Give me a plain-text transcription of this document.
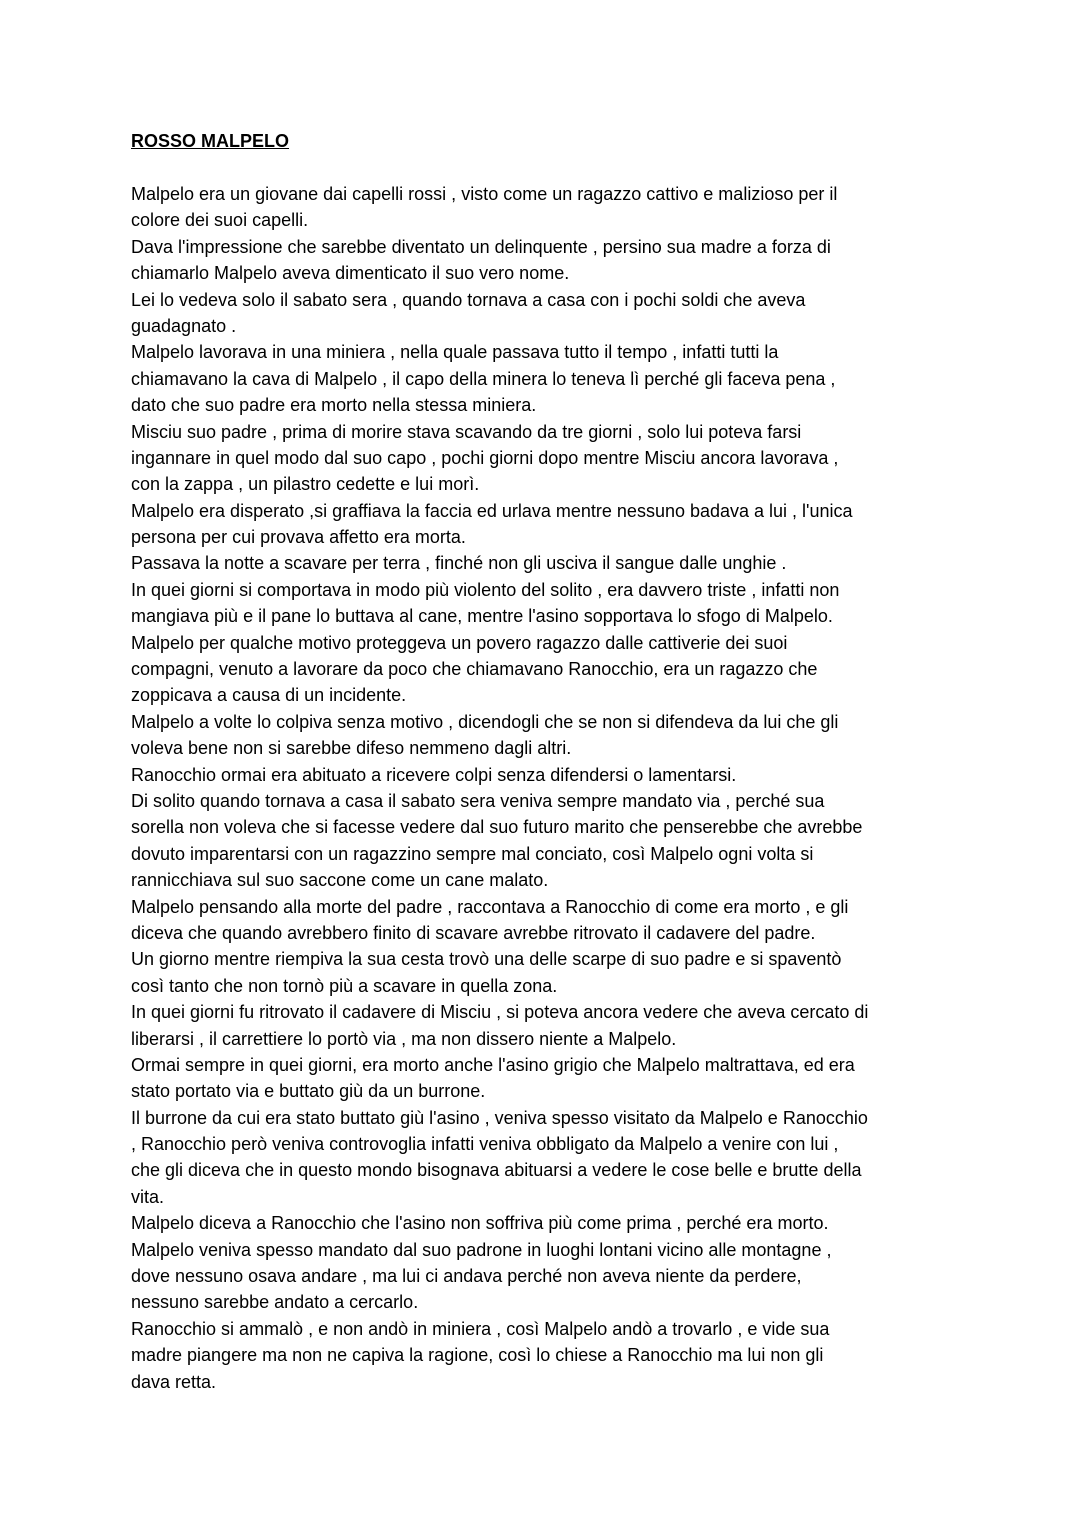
ROSSO MALPELO
Malpelo era un giovane dai capelli rossi , visto come un ragazzo cattivo e malizioso per il
colore dei suoi capelli.
Dava l'impressione che sarebbe diventato un delinquente , persino sua madre a forza di
chiamarlo Malpelo aveva dimenticato il suo vero nome.
Lei lo vedeva solo il sabato sera , quando tornava a casa con i pochi soldi che aveva
guadagnato .
Malpelo lavorava in una miniera , nella quale passava tutto il tempo , infatti tutti la
chiamavano la cava di Malpelo , il capo della minera lo teneva lì perché gli faceva pena ,
dato che suo padre era morto nella stessa miniera.
Misciu suo padre , prima di morire stava scavando da tre giorni , solo lui poteva farsi
ingannare in quel modo dal suo capo , pochi giorni dopo mentre Misciu ancora lavorava ,
con la zappa , un pilastro cedette e lui morì.
Malpelo era disperato ,si graffiava la faccia ed urlava mentre nessuno badava a lui , l'unica
persona per cui provava affetto era morta.
Passava la notte a scavare per terra , finché non gli usciva il sangue dalle unghie .
In quei giorni si comportava in modo più violento del solito , era davvero triste , infatti non
mangiava più e il pane lo buttava al cane, mentre l'asino sopportava lo sfogo di Malpelo.
Malpelo per qualche motivo proteggeva un povero ragazzo dalle cattiverie dei suoi
compagni, venuto a lavorare da poco che chiamavano Ranocchio, era un ragazzo che
zoppicava a causa di un incidente.
Malpelo a volte lo colpiva senza motivo , dicendogli che se non si difendeva da lui che gli
voleva bene non si sarebbe difeso nemmeno dagli altri.
Ranocchio ormai era abituato a ricevere colpi senza difendersi o lamentarsi.
Di solito quando tornava a casa il sabato sera veniva sempre mandato via , perché sua
sorella non voleva che si facesse vedere dal suo futuro marito che penserebbe che avrebbe
dovuto imparentarsi con un ragazzino sempre mal conciato, così Malpelo ogni volta si
rannicchiava sul suo saccone come un cane malato.
Malpelo pensando alla morte del padre , raccontava a Ranocchio di come era morto , e gli
diceva che quando avrebbero finito di scavare avrebbe ritrovato il cadavere del padre.
Un giorno mentre riempiva la sua cesta trovò una delle scarpe di suo padre e si spaventò
così tanto che non tornò più a scavare in quella zona.
In quei giorni fu ritrovato il cadavere di Misciu , si poteva ancora vedere che aveva cercato di
liberarsi , il carrettiere lo portò via , ma non dissero niente a Malpelo.
Ormai sempre in quei giorni, era morto anche l'asino grigio che Malpelo maltrattava, ed era
stato portato via e buttato giù da un burrone.
Il burrone da cui era stato buttato giù l'asino , veniva spesso visitato da Malpelo e Ranocchio
, Ranocchio però veniva controvoglia infatti veniva obbligato da Malpelo a venire con lui ,
che gli diceva che in questo mondo bisognava abituarsi a vedere le cose belle e brutte della
vita.
Malpelo diceva a Ranocchio che l'asino non soffriva più come prima , perché era morto.
Malpelo veniva spesso mandato dal suo padrone in luoghi lontani vicino alle montagne ,
dove nessuno osava andare , ma lui ci andava perché non aveva niente da perdere,
nessuno sarebbe andato a cercarlo.
Ranocchio si ammalò , e non andò in miniera , così Malpelo andò a trovarlo , e vide sua
madre piangere ma non ne capiva la ragione, così lo chiese a Ranocchio ma lui non gli
dava retta.
